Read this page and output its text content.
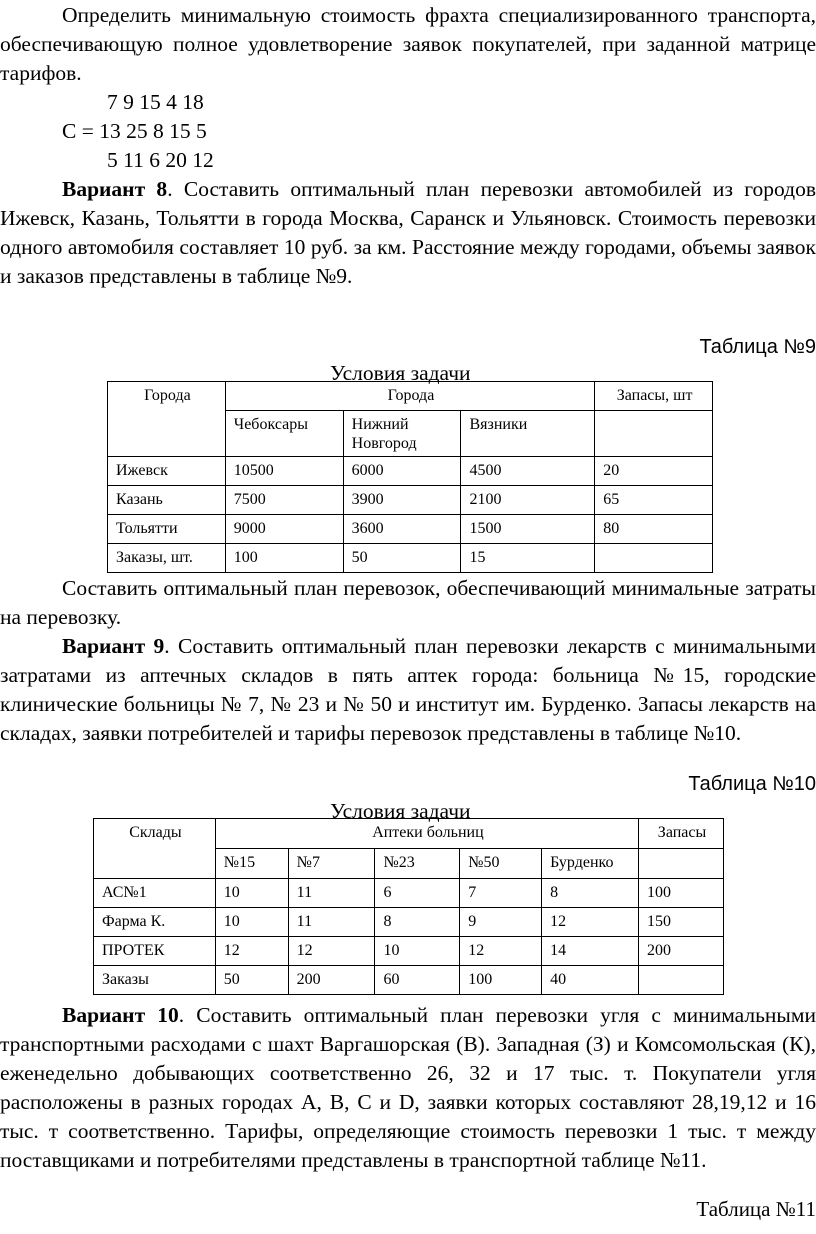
Определить минимальную стоимость фрахта специализированного транспорта, обеспечивающую полное удовлетворение заявок покупателей, при заданной матрице тарифов.

7 9 15 4 18

C = 13 25 8 15 5

5 11 6 20 12

Вариант 8. Составить оптимальный план перевозки автомобилей из городов Ижевск, Казань, Тольятти в города Москва, Саранск и Ульяновск. Стоимость перевозки одного автомобиля составляет 10 руб. за км. Расстояние между городами, объемы заявок и заказов представлены в таблице №9.

Таблица №9
Условия задачи
Города	Города			Запасы, шт
	Чебоксары	Нижний Новгород	Вязники	
Ижевск	10500	6000	4500	20
Казань	7500	3900	2100	65
Тольятти	9000	3600	1500	80
Заказы, шт.	100	50	15	

Составить оптимальный план перевозок, обеспечивающий минимальные затраты на перевозку.

Вариант 9. Составить оптимальный план перевозки лекарств с минимальными затратами из аптечных складов в пять аптек города: больница №15, городские клинические больницы № 7, № 23 и № 50 и институт им. Бурденко. Запасы лекарств на складах, заявки потребителей и тарифы перевозок представлены в таблице №10.

Таблица №10
Условия задачи
Склады	Аптеки больниц					Запасы
	№15	№7	№23	№50	Бурденко	
АС№1	10	11	6	7	8	100
Фарма К.	10	11	8	9	12	150
ПРОТЕК	12	12	10	12	14	200
Заказы	50	200	60	100	40	

Вариант 10. Составить оптимальный план перевозки угля с минимальными транспортными расходами с шахт Варгашорская (В). Западная (З) и Комсомольская (К), еженедельно добывающих соответственно 26, 32 и 17 тыс. т. Покупатели угля расположены в разных городах А, В, С и D, заявки которых составляют 28,19,12 и 16 тыс. т соответственно. Тарифы, определяющие стоимость перевозки 1 тыс. т между поставщиками и потребителями представлены в транспортной таблице №11.

Таблица №11
